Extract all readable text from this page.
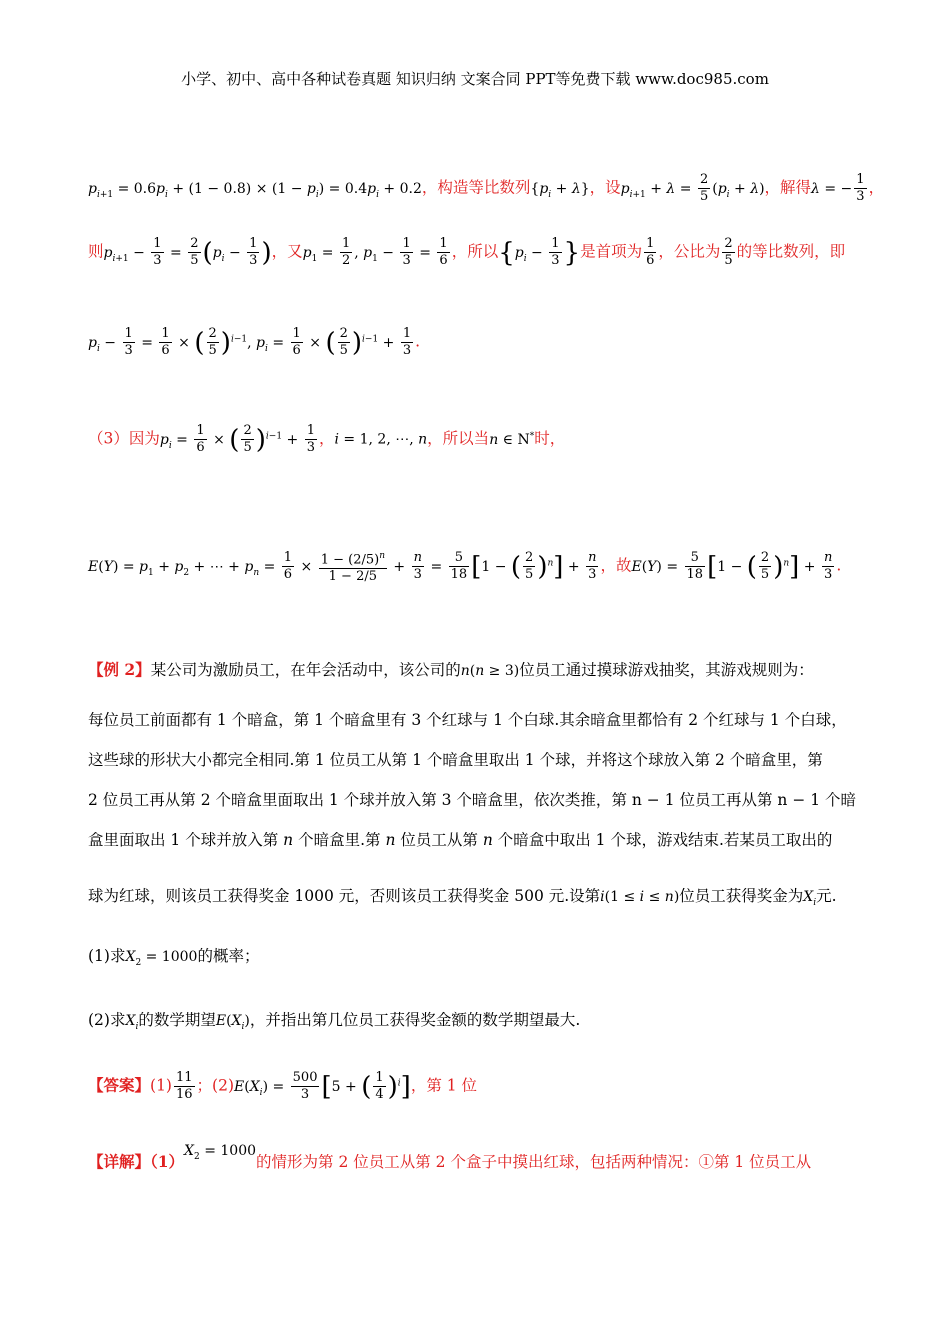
小学、初中、高中各种试卷真题 知识归纳 文案合同 PPT等免费下载 www.doc985.com
$p_{i+1} = 0.6p_i + (1 - 0.8) \times (1 - p_i) = 0.4p_i + 0.2$，构造等比数列$\{p_i + \lambda\}$，设$p_{i+1} + \lambda = \frac{2}{5} (p_i + \lambda)$，解得λ = − $\frac{1}{3}$ ，
则$p_{i+1} - \frac{1}{3} = \frac{2}{5} (p_i - \frac{1}{3}$ )，又$p_1 = \frac{1}{2}$ , $p_1 - \frac{1}{3} = \frac{1}{6}$ ，所以{$p_i - \frac{1}{3}$ }是首项为 $\frac{1}{6}$ ，公比为 $\frac{2}{5}$ 的等比数列，即
$p_i - \frac{1}{3} = \frac{1}{6}$ × ( $\frac{2}{5} )^{i-1}$, $p_i = \frac{1}{6}$ × ( $\frac{2}{5} )^{i-1} + \frac{1}{3}$ .
（3）因为$p_i = \frac{1}{6}$ × ( $\frac{2}{5} )^{i-1} + \frac{1}{3}$ ，i = 1, 2, ⋯, n，所以当n ∈ N*时，
$E(Y) = p_1 + p_2$ + ⋯ + $p_n = \frac{1}{6} \times \frac{1 - (2/5)^n}{1 - 2/5} + \frac{n}{3} = \frac{5}{18} [1$ − ( $\frac{2}{5} )^n] + \frac{n}{3}$ ，故$E(Y) = \frac{5}{18} [1$ − ( $\frac{2}{5} )^n] + \frac{n}{3}$ .
【例 2】某公司为激励员工，在年会活动中，该公司的n(n ≥ 3)位员工通过摸球游戏抽奖，其游戏规则为：
每位员工前面都有 1 个暗盒，第 1 个暗盒里有 3 个红球与 1 个白球.其余暗盒里都恰有 2 个红球与 1 个白球，
这些球的形状大小都完全相同.第 1 位员工从第 1 个暗盒里取出 1 个球，并将这个球放入第 2 个暗盒里，第
2 位员工再从第 2 个暗盒里面取出 1 个球并放入第 3 个暗盒里，依次类推，第 n − 1 位员工再从第 n − 1 个暗
盒里面取出 1 个球并放入第 n 个暗盒里.第 n 位员工从第 n 个暗盒中取出 1 个球，游戏结束.若某员工取出的
球为红球，则该员工获得奖金 1000 元，否则该员工获得奖金 500 元.设第i(1 ≤ i ≤ n)位员工获得奖金为$X_i$元.
(1)求$X_2 = 1000$的概率；
(2)求$X_i$的数学期望$E(X_i)$，并指出第几位员工获得奖金额的数学期望最大.
【答案】$(1) \frac{11}{16}$ ；$(2)E(X_i) = \frac{500}{3} [5$ + ( $\frac{1}{4} )^i$]，第 1 位
【详解】$(1)X_2 = 1000$的情形为第 2 位员工从第 2 个盒子中摸出红球，包括两种情况：①第 1 位员工从
